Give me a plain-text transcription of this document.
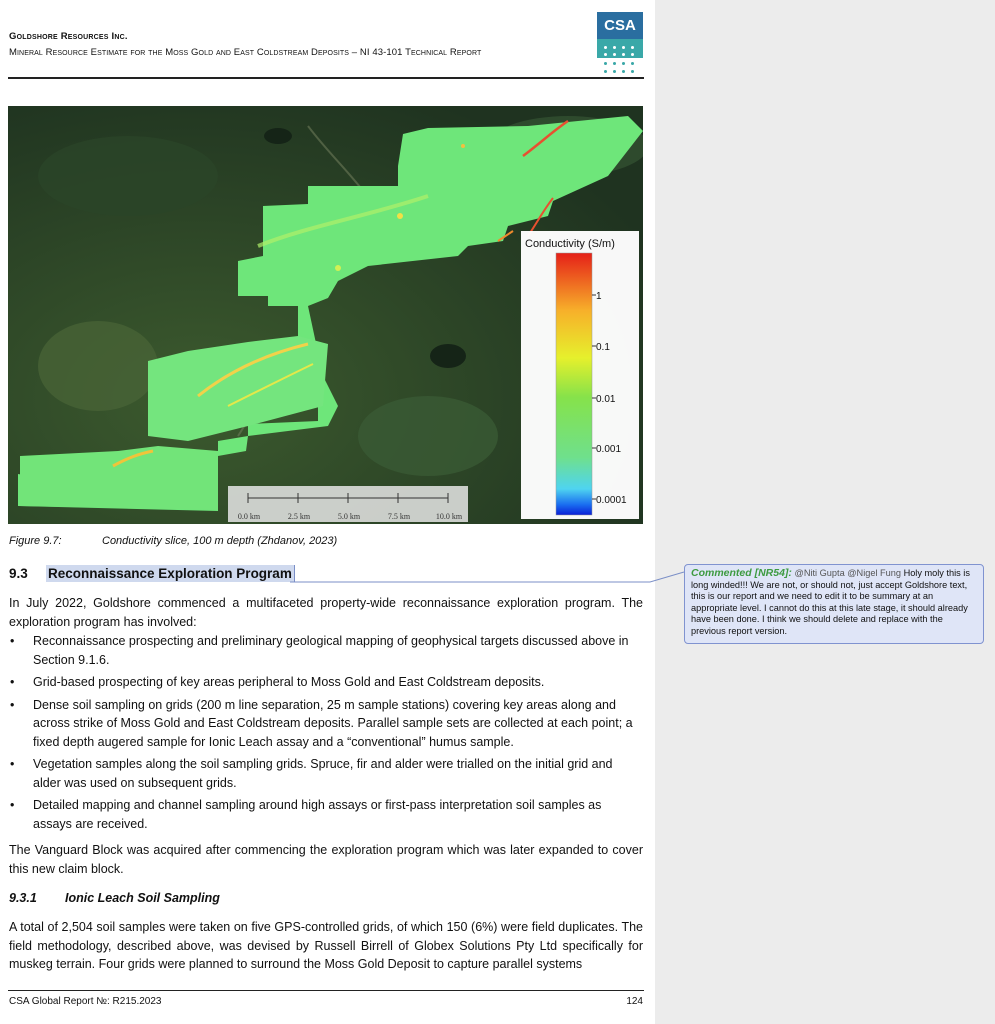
Goldshore Resources Inc.
Mineral Resource Estimate for the Moss Gold and East Coldstream Deposits – NI 43-101 Technical Report
CSA
0.0 km	2.5 km	5.0 km	7.5 km	10.0 km
Conductivity (S/m)
1
0.1
0.01
0.001
0.0001
Figure 9.7:	Conductivity slice, 100 m depth (Zhdanov, 2023)
9.3 Reconnaissance Exploration Program
In July 2022, Goldshore commenced a multifaceted property-wide reconnaissance exploration program. The exploration program has involved:
• Reconnaissance prospecting and preliminary geological mapping of geophysical targets discussed above in Section 9.1.6.
• Grid-based prospecting of key areas peripheral to Moss Gold and East Coldstream deposits.
• Dense soil sampling on grids (200 m line separation, 25 m sample stations) covering key areas along and across strike of Moss Gold and East Coldstream deposits. Parallel sample sets are collected at each point; a fixed depth augered sample for Ionic Leach assay and a “conventional” humus sample.
• Vegetation samples along the soil sampling grids. Spruce, fir and alder were trialled on the initial grid and alder was used on subsequent grids.
• Detailed mapping and channel sampling around high assays or first-pass interpretation soil samples as assays are received.
The Vanguard Block was acquired after commencing the exploration program which was later expanded to cover this new claim block.
9.3.1 Ionic Leach Soil Sampling
A total of 2,504 soil samples were taken on five GPS-controlled grids, of which 150 (6%) were field duplicates. The field methodology, described above, was devised by Russell Birrell of Globex Solutions Pty Ltd specifically for muskeg terrain. Four grids were planned to surround the Moss Gold Deposit to capture parallel systems
CSA Global Report №: R215.2023	124
Commented [NR54]: @Niti Gupta @Nigel Fung Holy moly this is long winded!!! We are not, or should not, just accept Goldshore text, this is our report and we need to edit it to be summary at an appropriate level. I cannot do this at this late stage, it should already have been done. I think we should delete and replace with the previous report version.
